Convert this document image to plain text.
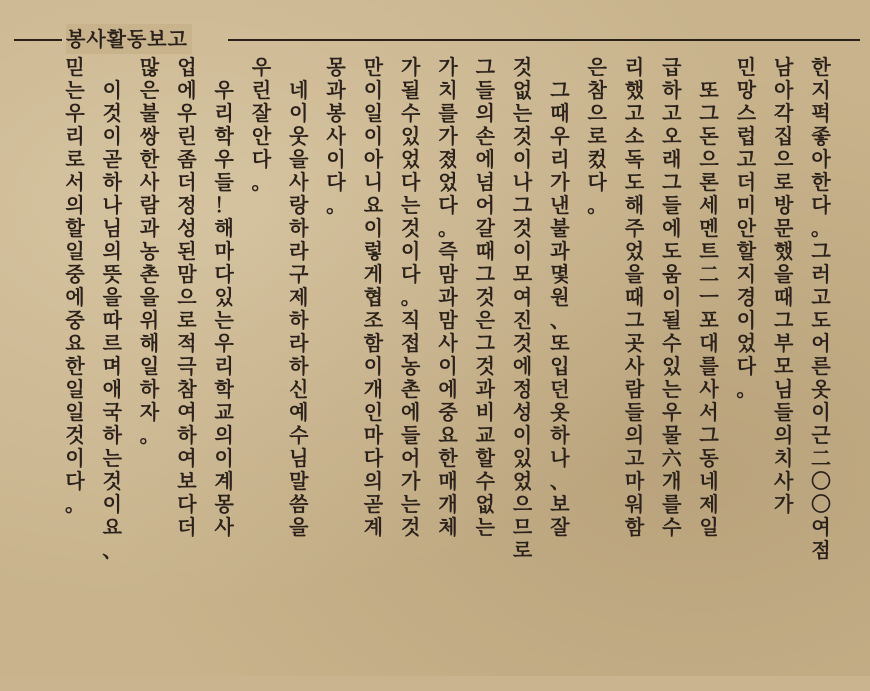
봉사활동보고
한
지
퍽
좋
아
한
다
。
그
러
고
도
어
른
옷
이
근
二
〇
〇
여
점
남
아
각
집
으
로
방
문
했
을
때
그
부
모
님
들
의
치
사
가
민
망
스
럽
고
더
미
안
할
지
경
이
었
다
。
또
그
돈
으
론
세
멘
트
二
ㅡ
포
대
를
사
서
그
동
네
제
일
급
하
고
오
래
그
들
에
도
움
이
될
수
있
는
우
물
六
개
를
수
리
했
고
소
독
도
해
주
었
을
때
그
곳
사
람
들
의
고
마
워
함
은
참
으
로
컸
다
。
그
때
우
리
가
낸
불
과
몇
원
、
또
입
던
옷
하
나
、
보
잘
것
없
는
것
이
나
그
것
이
모
여
진
것
에
정
성
이
있
었
으
므
로
그
들
의
손
에
넘
어
갈
때
그
것
은
그
것
과
비
교
할
수
없
는
가
치
를
가
졌
었
다
。
즉
맘
과
맘
사
이
에
중
요
한
매
개
체
가
될
수
있
었
다
는
것
이
다
。
직
접
농
촌
에
들
어
가
는
것
만
이
일
이
아
니
요
이
렇
게
협
조
함
이
개
인
마
다
의
곧
계
몽
과
봉
사
이
다
。
네
이
웃
을
사
랑
하
라
구
제
하
라
하
신
예
수
님
말
씀
을
우
린
잘
안
다
。
우
리
학
우
들
！
해
마
다
있
는
우
리
학
교
의
이
계
몽
사
업
에
우
린
좀
더
정
성
된
맘
으
로
적
극
참
여
하
여
보
다
더
많
은
불
쌍
한
사
람
과
농
촌
을
위
해
일
하
자
。
이
것
이
곧
하
나
님
의
뜻
을
따
르
며
애
국
하
는
것
이
요
、
믿
는
우
리
로
서
의
할
일
중
에
중
요
한
일
일
것
이
다
。
